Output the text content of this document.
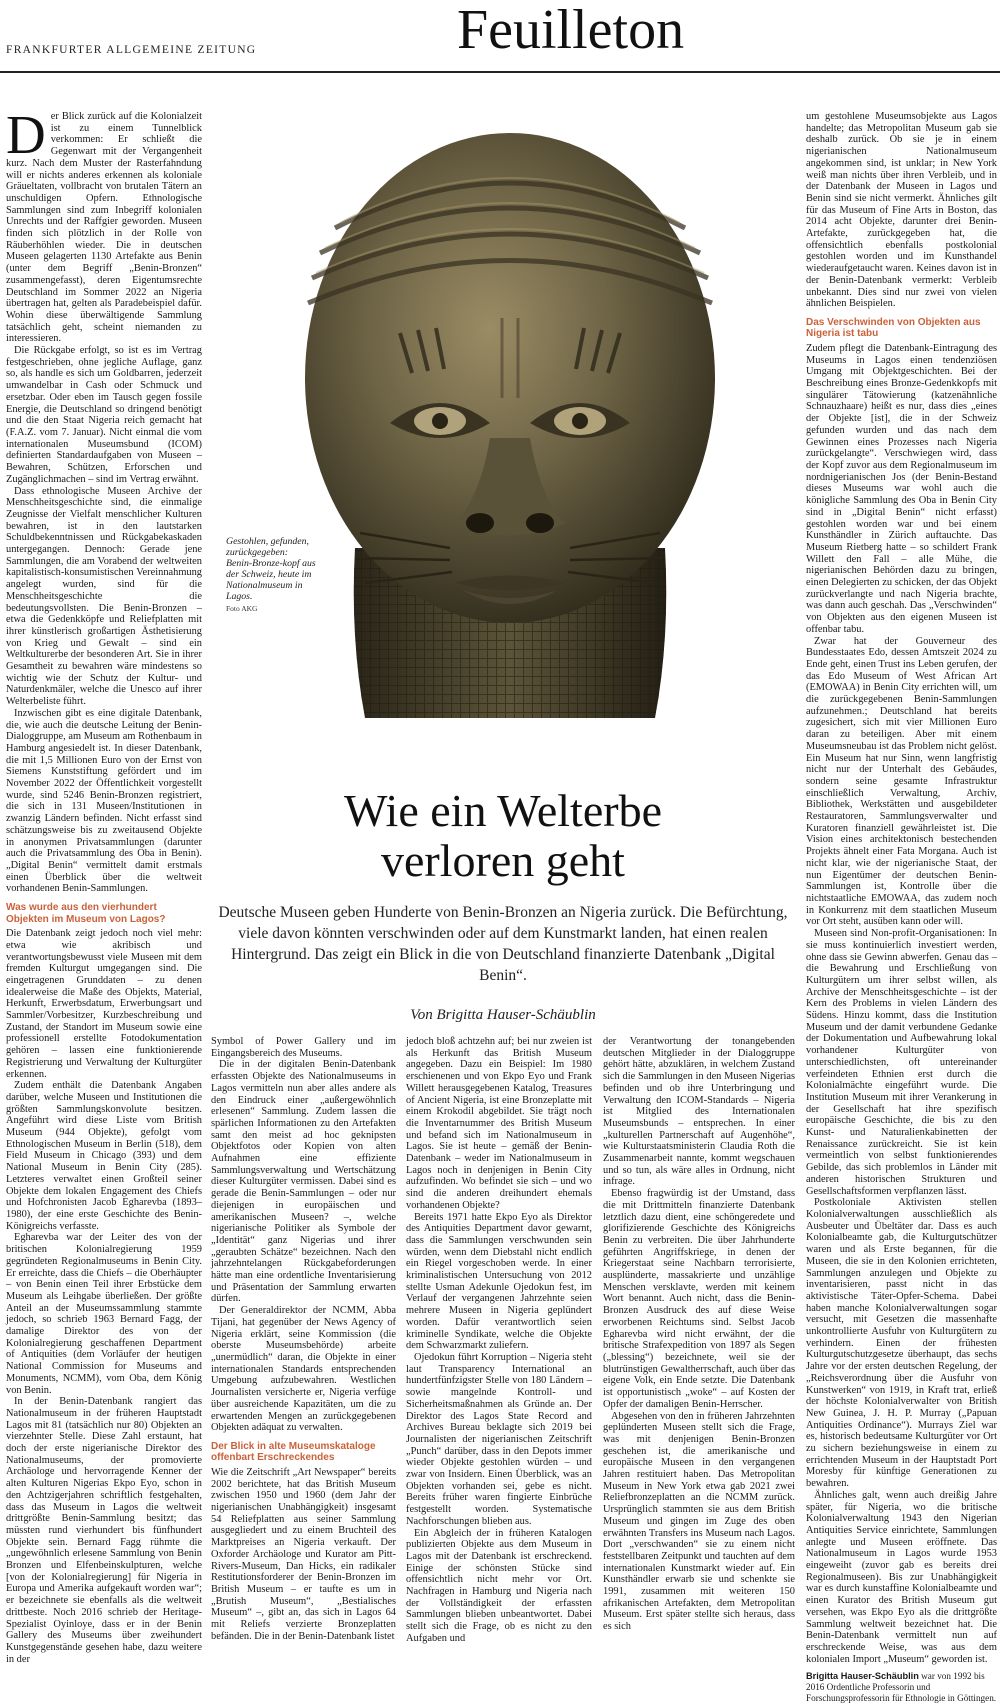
FRANKFURTER ALLGEMEINE ZEITUNG	Feuilleton

Der Blick zurück auf die Kolonialzeit ist zu einem Tunnelblick verkommen: Er schließt die Gegenwart mit der Vergangenheit kurz. Nach dem Muster der Rasterfahndung will er nichts anderes erkennen als koloniale Gräueltaten, vollbracht von brutalen Tätern an unschuldigen Opfern. Ethnologische Sammlungen sind zum Inbegriff kolonialen Unrechts und der Raffgier geworden. Museen finden sich plötzlich in der Rolle von Räuberhöhlen wieder. Die in deutschen Museen gelagerten 1130 Artefakte aus Benin (unter dem Begriff „Benin-Bronzen“ zusammengefasst), deren Eigentumsrechte Deutschland im Sommer 2022 an Nigeria übertragen hat, gelten als Paradebeispiel dafür. Wohin diese überwältigende Sammlung tatsächlich geht, scheint niemanden zu interessieren.

Die Rückgabe erfolgt, so ist es im Vertrag festgeschrieben, ohne jegliche Auflage, ganz so, als handle es sich um Goldbarren, jederzeit umwandelbar in Cash oder Schmuck und ersetzbar. Oder eben im Tausch gegen fossile Energie, die Deutschland so dringend benötigt und die den Staat Nigeria reich gemacht hat (F.A.Z. vom 7. Januar). Nicht einmal die vom internationalen Museumsbund (ICOM) definierten Standardaufgaben von Museen – Bewahren, Schützen, Erforschen und Zugänglichmachen – sind im Vertrag erwähnt.

Dass ethnologische Museen Archive der Menschheitsgeschichte sind, die einmalige Zeugnisse der Vielfalt menschlicher Kulturen bewahren, ist in den lautstarken Schuldbekenntnissen und Rückgabekaskaden untergegangen. Dennoch: Gerade jene Sammlungen, die am Vorabend der weltweiten kapitalistisch-konsumistischen Vereinnahmung angelegt wurden, sind für die Menschheitsgeschichte die bedeutungsvollsten. Die Benin-Bronzen – etwa die Gedenkköpfe und Reliefplatten mit ihrer künstlerisch großartigen Ästhetisierung von Krieg und Gewalt – sind ein Weltkulturerbe der besonderen Art. Sie in ihrer Gesamtheit zu bewahren wäre mindestens so wichtig wie der Schutz der Kultur- und Naturdenkmäler, welche die Unesco auf ihrer Welterbeliste führt.

Inzwischen gibt es eine digitale Datenbank, die, wie auch die deutsche Leitung der Benin-Dialoggruppe, am Museum am Rothenbaum in Hamburg angesiedelt ist. In dieser Datenbank, die mit 1,5 Millionen Euro von der Ernst von Siemens Kunststiftung gefördert und im November 2022 der Öffentlichkeit vorgestellt wurde, sind 5246 Benin-Bronzen registriert, die sich in 131 Museen/Institutionen in zwanzig Ländern befinden. Nicht erfasst sind schätzungsweise bis zu zweitausend Objekte in anonymen Privatsammlungen (darunter auch die Privatsammlung des Oba in Benin). „Digital Benin“ vermittelt damit erstmals einen Überblick über die weltweit vorhandenen Benin-Sammlungen.

Was wurde aus den vierhundert Objekten im Museum von Lagos?

Die Datenbank zeigt jedoch noch viel mehr: etwa wie akribisch und verantwortungsbewusst viele Museen mit dem fremden Kulturgut umgegangen sind. Die eingetragenen Grunddaten – zu denen idealerweise die Maße des Objekts, Material, Herkunft, Erwerbsdatum, Erwerbungsart und Sammler/Vorbesitzer, Kurzbeschreibung und Zustand, der Standort im Museum sowie eine professionell erstellte Fotodokumentation gehören – lassen eine funktionierende Registrierung und Verwaltung der Kulturgüter erkennen.

Zudem enthält die Datenbank Angaben darüber, welche Museen und Institutionen die größten Sammlungskonvolute besitzen. Angeführt wird diese Liste vom British Museum (944 Objekte), gefolgt vom Ethnologischen Museum in Berlin (518), dem Field Museum in Chicago (393) und dem National Museum in Benin City (285). Letzteres verwaltet einen Großteil seiner Objekte dem lokalen Engagement des Chiefs und Hofchronisten Jacob Egharevba (1893–1980), der eine erste Geschichte des Benin-Königreichs verfasste.

Egharevba war der Leiter des von der britischen Kolonialregierung 1959 gegründeten Regionalmuseums in Benin City. Er erreichte, dass die Chiefs – die Oberhäupter – von Benin einen Teil ihrer Erbstücke dem Museum als Leihgabe überließen. Der größte Anteil an der Museumssammlung stammte jedoch, so schrieb 1963 Bernard Fagg, der damalige Direktor des von der Kolonialregierung geschaffenen Department of Antiquities (dem Vorläufer der heutigen National Commission for Museums and Monuments, NCMM), vom Oba, dem König von Benin.

In der Benin-Datenbank rangiert das Nationalmuseum in der früheren Hauptstadt Lagos mit 81 (tatsächlich nur 80) Objekten an vierzehnter Stelle. Diese Zahl erstaunt, hat doch der erste nigerianische Direktor des Nationalmuseums, der promovierte Archäologe und hervorragende Kenner der alten Kulturen Nigerias Ekpo Eyo, schon in den Achtzigerjahren schriftlich festgehalten, dass das Museum in Lagos die weltweit drittgrößte Benin-Sammlung besitzt; das müssten rund vierhundert bis fünfhundert Objekte sein. Bernard Fagg rühmte die „ungewöhnlich erlesene Sammlung von Benin Bronzen und Elfenbeinskulpturen, welche [von der Kolonialregierung] für Nigeria in Europa und Amerika aufgekauft worden war“; er bezeichnete sie ebenfalls als die weltweit drittbeste. Noch 2016 schrieb der Heritage-Spezialist Oyinloye, dass er in der Benin Gallery des Museums über zweihundert Kunstgegenstände gesehen habe, dazu weitere in der

Gestohlen, gefunden, zurückgegeben: Benin-Bronze-kopf aus der Schweiz, heute im Nationalmuseum in Lagos.
Foto AKG
Wie ein Welterbe
verloren geht
Deutsche Museen geben Hunderte von Benin-Bronzen an Nigeria zurück. Die Befürchtung, viele davon könnten verschwinden oder auf dem Kunstmarkt landen, hat einen realen Hintergrund. Das zeigt ein Blick in die von Deutschland finanzierte Datenbank „Digital Benin“.
Von Brigitta Hauser-Schäublin

Symbol of Power Gallery und im Eingangsbereich des Museums.

Die in der digitalen Benin-Datenbank erfassten Objekte des Nationalmuseums in Lagos vermitteln nun aber alles andere als den Eindruck einer „außergewöhnlich erlesenen“ Sammlung. Zudem lassen die spärlichen Informationen zu den Artefakten samt den meist ad hoc geknipsten Objektfotos oder Kopien von alten Aufnahmen eine effiziente Sammlungsverwaltung und Wertschätzung dieser Kulturgüter vermissen. Dabei sind es gerade die Benin-Sammlungen – oder nur diejenigen in europäischen und amerikanischen Museen? –, welche nigerianische Politiker als Symbole der „Identität“ ganz Nigerias und ihrer „geraubten Schätze“ bezeichnen. Nach den jahrzehntelangen Rückgabeforderungen hätte man eine ordentliche Inventarisierung und Präsentation der Sammlung erwarten dürfen.

Der Generaldirektor der NCMM, Abba Tijani, hat gegenüber der News Agency of Nigeria erklärt, seine Kommission (die oberste Museumsbehörde) arbeite „unermüdlich“ daran, die Objekte in einer internationalen Standards entsprechenden Umgebung aufzubewahren. Westlichen Journalisten versicherte er, Nigeria verfüge über ausreichende Kapazitäten, um die zu erwartenden Mengen an zurückgegebenen Objekten adäquat zu verwalten.

Der Blick in alte Museumskataloge offenbart Erschreckendes

Wie die Zeitschrift „Art Newspaper“ bereits 2002 berichtete, hat das British Museum zwischen 1950 und 1960 (dem Jahr der nigerianischen Unabhängigkeit) insgesamt 54 Reliefplatten aus seiner Sammlung ausgegliedert und zu einem Bruchteil des Marktpreises an Nigeria verkauft. Der Oxforder Archäologe und Kurator am Pitt-Rivers-Museum, Dan Hicks, ein radikaler Restitutionsforderer der Benin-Bronzen im British Museum – er taufte es um in „Brutish Museum“, „Bestialisches Museum“ –, gibt an, das sich in Lagos 64 mit Reliefs verzierte Bronzeplatten befänden. Die in der Benin-Datenbank listet

jedoch bloß achtzehn auf; bei nur zweien ist als Herkunft das British Museum angegeben. Dazu ein Beispiel: Im 1980 erschienenen und von Ekpo Eyo und Frank Willett herausgegebenen Katalog, Treasures of Ancient Nigeria, ist eine Bronzeplatte mit einem Krokodil abgebildet. Sie trägt noch die Inventarnummer des British Museum und befand sich im Nationalmuseum in Lagos. Sie ist heute – gemäß der Benin-Datenbank – weder im Nationalmuseum in Lagos noch in denjenigen in Benin City aufzufinden. Wo befindet sie sich – und wo sind die anderen dreihundert ehemals vorhandenen Objekte?

Bereits 1971 hatte Ekpo Eyo als Direktor des Antiquities Department davor gewarnt, dass die Sammlungen verschwunden sein würden, wenn dem Diebstahl nicht endlich ein Riegel vorgeschoben werde. In einer kriminalistischen Untersuchung von 2012 stellte Usman Adekunle Ojedokun fest, im Verlauf der vergangenen Jahrzehnte seien mehrere Museen in Nigeria geplündert worden. Dafür verantwortlich seien kriminelle Syndikate, welche die Objekte dem Schwarzmarkt zuliefern.

Ojedokun führt Korruption – Nigeria steht laut Transparency International an hundertfünfzigster Stelle von 180 Ländern – sowie mangelnde Kontroll- und Sicherheitsmaßnahmen als Gründe an. Der Direktor des Lagos State Record and Archives Bureau beklagte sich 2019 bei Journalisten der nigerianischen Zeitschrift „Punch“ darüber, dass in den Depots immer wieder Objekte gestohlen würden – und zwar von Insidern. Einen Überblick, was an Objekten vorhanden sei, gebe es nicht. Bereits früher waren fingierte Einbrüche festgestellt worden. Systematische Nachforschungen blieben aus.

Ein Abgleich der in früheren Katalogen publizierten Objekte aus dem Museum in Lagos mit der Datenbank ist erschreckend. Einige der schönsten Stücke sind offensichtlich nicht mehr vor Ort. Nachfragen in Hamburg und Nigeria nach der Vollständigkeit der erfassten Sammlungen blieben unbeantwortet. Dabei stellt sich die Frage, ob es nicht zu den Aufgaben und

der Verantwortung der tonangebenden deutschen Mitglieder in der Dialoggruppe gehört hätte, abzuklären, in welchem Zustand sich die Sammlungen in den Museen Nigerias befinden und ob ihre Unterbringung und Verwaltung den ICOM-Standards – Nigeria ist Mitglied des Internationalen Museumsbunds – entsprechen. In einer „kulturellen Partnerschaft auf Augenhöhe“, wie Kulturstaatsministerin Claudia Roth die Zusammenarbeit nannte, kommt wegschauen und so tun, als wäre alles in Ordnung, nicht infrage.

Ebenso fragwürdig ist der Umstand, dass die mit Drittmitteln finanzierte Datenbank letztlich dazu dient, eine schöngeredete und glorifizierende Geschichte des Königreichs Benin zu verbreiten. Die über Jahrhunderte geführten Angriffskriege, in denen der Kriegerstaat seine Nachbarn terrorisierte, ausplünderte, massakrierte und unzählige Menschen versklavte, werden mit keinem Wort benannt. Auch nicht, dass die Benin-Bronzen Ausdruck des auf diese Weise erworbenen Reichtums sind. Selbst Jacob Egharevba wird nicht erwähnt, der die britische Strafexpedition von 1897 als Segen („blessing“) bezeichnete, weil sie der blutrünstigen Gewaltherrschaft, auch über das eigene Volk, ein Ende setzte. Die Datenbank ist opportunistisch „woke“ – auf Kosten der Opfer der damaligen Benin-Herrscher.

Abgesehen von den in früheren Jahrzehnten geplünderten Museen stellt sich die Frage, was mit denjenigen Benin-Bronzen geschehen ist, die amerikanische und europäische Museen in den vergangenen Jahren restituiert haben. Das Metropolitan Museum in New York etwa gab 2021 zwei Reliefbronzeplatten an die NCMM zurück. Ursprünglich stammten sie aus dem British Museum und gingen im Zuge des oben erwähnten Transfers ins Museum nach Lagos. Dort „verschwanden“ sie zu einem nicht feststellbaren Zeitpunkt und tauchten auf dem internationalen Kunstmarkt wieder auf. Ein Kunsthändler erwarb sie und schenkte sie 1991, zusammen mit weiteren 150 afrikanischen Artefakten, dem Metropolitan Museum. Erst später stellte sich heraus, dass es sich

um gestohlene Museumsobjekte aus Lagos handelte; das Metropolitan Museum gab sie deshalb zurück. Ob sie je in einem nigerianischen Nationalmuseum angekommen sind, ist unklar; in New York weiß man nichts über ihren Verbleib, und in der Datenbank der Museen in Lagos und Benin sind sie nicht vermerkt. Ähnliches gilt für das Museum of Fine Arts in Boston, das 2014 acht Objekte, darunter drei Benin-Artefakte, zurückgegeben hat, die offensichtlich ebenfalls postkolonial gestohlen worden und im Kunsthandel wiederaufgetaucht waren. Keines davon ist in der Benin-Datenbank vermerkt: Verbleib unbekannt. Dies sind nur zwei von vielen ähnlichen Beispielen.

Das Verschwinden von Objekten aus Nigeria ist tabu

Zudem pflegt die Datenbank-Eintragung des Museums in Lagos einen tendenziösen Umgang mit Objektgeschichten. Bei der Beschreibung eines Bronze-Gedenkkopfs mit singulärer Tätowierung (katzenähnliche Schnauzhaare) heißt es nur, dass dies „eines der Objekte [ist], die in der Schweiz gefunden wurden und das nach dem Gewinnen eines Prozesses nach Nigeria zurückgelangte“. Verschwiegen wird, dass der Kopf zuvor aus dem Regionalmuseum im nordnigerianischen Jos (der Benin-Bestand dieses Museums war wohl auch die königliche Sammlung des Oba in Benin City sind in „Digital Benin“ nicht erfasst) gestohlen worden war und bei einem Kunsthändler in Zürich auftauchte. Das Museum Rietberg hatte – so schildert Frank Willett den Fall – alle Mühe, die nigerianischen Behörden dazu zu bringen, einen Delegierten zu schicken, der das Objekt zurückverlangte und nach Nigeria brachte, was dann auch geschah. Das „Verschwinden“ von Objekten aus den eigenen Museen ist offenbar tabu.

Zwar hat der Gouverneur des Bundesstaates Edo, dessen Amtszeit 2024 zu Ende geht, einen Trust ins Leben gerufen, der das Edo Museum of West African Art (EMOWAA) in Benin City errichten will, um die zurückgegebenen Benin-Sammlungen aufzunehmen.; Deutschland hat bereits zugesichert, sich mit vier Millionen Euro daran zu beteiligen. Aber mit einem Museumsneubau ist das Problem nicht gelöst. Ein Museum hat nur Sinn, wenn langfristig nicht nur der Unterhalt des Gebäudes, sondern seine gesamte Infrastruktur einschließlich Verwaltung, Archiv, Bibliothek, Werkstätten und ausgebildeter Restauratoren, Sammlungsverwalter und Kuratoren finanziell gewährleistet ist. Die Vision eines architektonisch bestechenden Projekts ähnelt einer Fata Morgana. Auch ist nicht klar, wie der nigerianische Staat, der nun Eigentümer der deutschen Benin-Sammlungen ist, Kontrolle über die nichtstaatliche EMOWAA, das zudem noch in Konkurrenz mit dem staatlichen Museum vor Ort steht, ausüben kann oder will.

Museen sind Non-profit-Organisationen: In sie muss kontinuierlich investiert werden, ohne dass sie Gewinn abwerfen. Genau das – die Bewahrung und Erschließung von Kulturgütern um ihrer selbst willen, als Archive der Menschheitsgeschichte – ist der Kern des Problems in vielen Ländern des Südens. Hinzu kommt, dass die Institution Museum und der damit verbundene Gedanke der Dokumentation und Aufbewahrung lokal vorhandener Kulturgüter von unterschiedlichsten, oft untereinander verfeindeten Ethnien erst durch die Kolonialmächte eingeführt wurde. Die Institution Museum mit ihrer Verankerung in der Gesellschaft hat ihre spezifisch europäische Geschichte, die bis zu den Kunst- und Naturalienkabinetten der Renaissance zurückreicht. Sie ist kein vermeintlich von selbst funktionierendes Gebilde, das sich problemlos in Länder mit anderen historischen Strukturen und Gesellschaftsformen verpflanzen lässt.

Postkoloniale Aktivisten stellen Kolonialverwaltungen ausschließlich als Ausbeuter und Übeltäter dar. Dass es auch Kolonialbeamte gab, die Kulturgutschützer waren und als Erste begannen, für die Museen, die sie in den Kolonien errichteten, Sammlungen anzulegen und Objekte zu inventarisieren, passt nicht in das aktivistische Täter-Opfer-Schema. Dabei haben manche Kolonialverwaltungen sogar versucht, mit Gesetzen die massenhafte unkontrollierte Ausfuhr von Kulturgütern zu verhindern. Einen der frühesten Kulturgutschutzgesetze überhaupt, das sechs Jahre vor der ersten deutschen Regelung, der „Reichsverordnung über die Ausfuhr von Kunstwerken“ von 1919, in Kraft trat, erließ der höchste Kolonialverwalter von British New Guinea, J. H. P. Murray („Papuan Antiquities Ordinance“). Murrays Ziel war es, historisch bedeutsame Kulturgüter vor Ort zu sichern beziehungsweise in einem zu errichtenden Museum in der Hauptstadt Port Moresby für künftige Generationen zu bewahren.

Ähnliches galt, wenn auch dreißig Jahre später, für Nigeria, wo die britische Kolonialverwaltung 1943 den Nigerian Antiquities Service einrichtete, Sammlungen anlegte und Museen eröffnete. Das Nationalmuseum in Lagos wurde 1953 eingeweiht (zuvor gab es bereits drei Regionalmuseen). Bis zur Unabhängigkeit war es durch kunstaffine Kolonialbeamte und einen Kurator des British Museum gut versehen, was Ekpo Eyo als die drittgrößte Sammlung weltweit bezeichnet hat. Die Benin-Datenbank vermittelt nun auf erschreckende Weise, was aus dem kolonialen Import „Museum“ geworden ist.

Brigitta Hauser-Schäublin war von 1992 bis 2016 Ordentliche Professorin und Forschungsprofessorin für Ethnologie in Göttingen.
